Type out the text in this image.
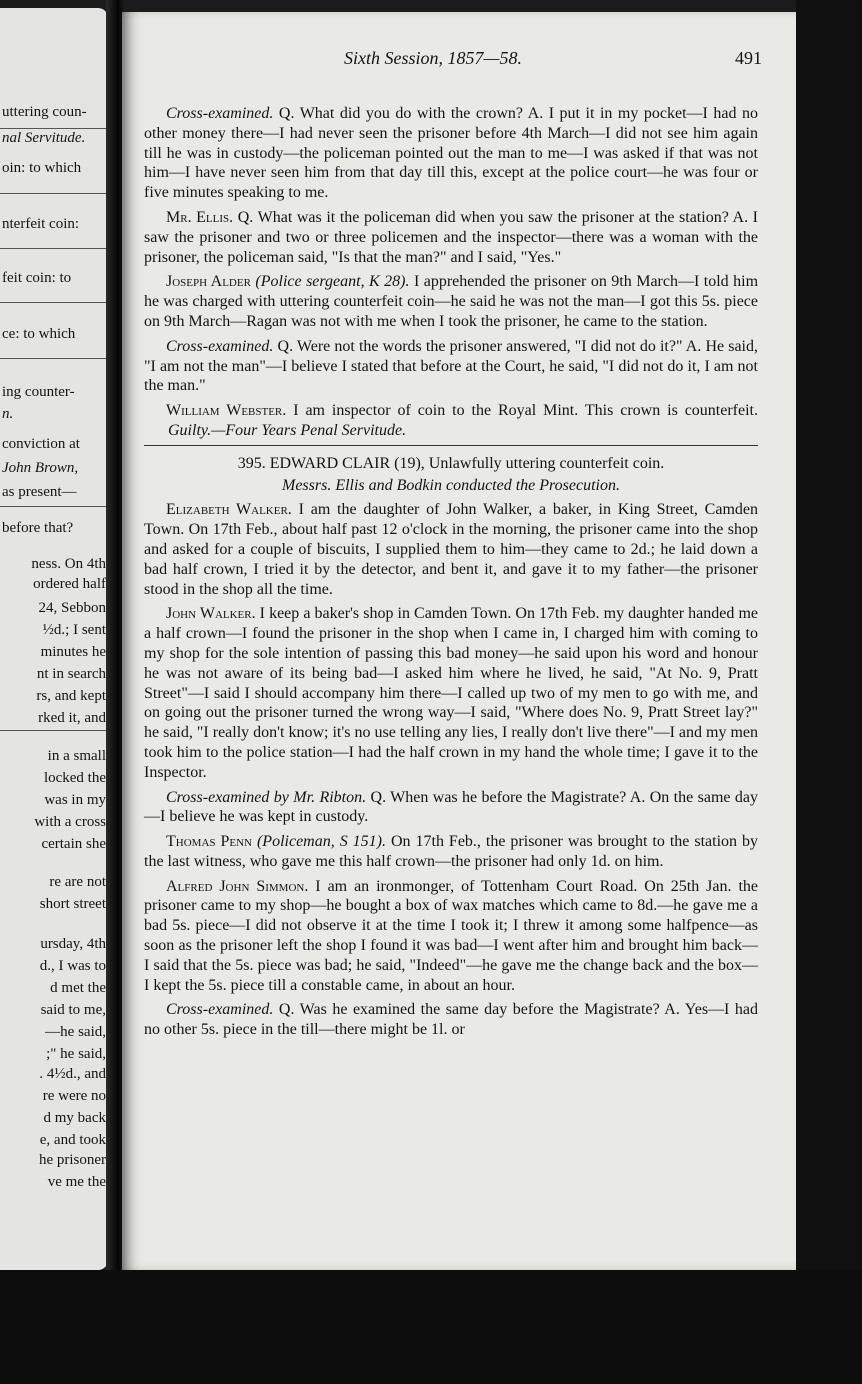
uttering coun-
nal Servitude.
oin: to which
nterfeit coin:
feit coin: to
ce: to which
ing counter-
n.
conviction at
John Brown,
as present—
before that?
ness. On 4th
ordered half
24, Sebbon
½d.; I sent
minutes he
nt in search
rs, and kept
rked it, and
in a small
locked the
was in my
with a cross
certain she
re are not
short street
ursday, 4th
d., I was to
d met the
said to me,
—he said,
;" he said,
. 4½d., and
re were no
d my back
e, and took
he prisoner
ve me the
Sixth Session, 1857—58.	491

Cross-examined. Q. What did you do with the crown? A. I put it in my pocket—I had no other money there—I had never seen the prisoner before 4th March—I did not see him again till he was in custody—the policeman pointed out the man to me—I was asked if that was not him—I have never seen him from that day till this, except at the police court—he was four or five minutes speaking to me.

Mr. Ellis. Q. What was it the policeman did when you saw the prisoner at the station? A. I saw the prisoner and two or three policemen and the inspector—there was a woman with the prisoner, the policeman said, "Is that the man?" and I said, "Yes."

Joseph Alder (Police sergeant, K 28). I apprehended the prisoner on 9th March—I told him he was charged with uttering counterfeit coin—he said he was not the man—I got this 5s. piece on 9th March—Ragan was not with me when I took the prisoner, he came to the station.

Cross-examined. Q. Were not the words the prisoner answered, "I did not do it?" A. He said, "I am not the man"—I believe I stated that before at the Court, he said, "I did not do it, I am not the man."

William Webster. I am inspector of coin to the Royal Mint. This crown is counterfeit. Guilty.—Four Years Penal Servitude.

395. EDWARD CLAIR (19), Unlawfully uttering counterfeit coin.

Messrs. Ellis and Bodkin conducted the Prosecution.

Elizabeth Walker. I am the daughter of John Walker, a baker, in King Street, Camden Town. On 17th Feb., about half past 12 o'clock in the morning, the prisoner came into the shop and asked for a couple of biscuits, I supplied them to him—they came to 2d.; he laid down a bad half crown, I tried it by the detector, and bent it, and gave it to my father—the prisoner stood in the shop all the time.

John Walker. I keep a baker's shop in Camden Town. On 17th Feb. my daughter handed me a half crown—I found the prisoner in the shop when I came in, I charged him with coming to my shop for the sole intention of passing this bad money—he said upon his word and honour he was not aware of its being bad—I asked him where he lived, he said, "At No. 9, Pratt Street"—I said I should accompany him there—I called up two of my men to go with me, and on going out the prisoner turned the wrong way—I said, "Where does No. 9, Pratt Street lay?" he said, "I really don't know; it's no use telling any lies, I really don't live there"—I and my men took him to the police station—I had the half crown in my hand the whole time; I gave it to the Inspector.

Cross-examined by Mr. Ribton. Q. When was he before the Magistrate? A. On the same day—I believe he was kept in custody.

Thomas Penn (Policeman, S 151). On 17th Feb., the prisoner was brought to the station by the last witness, who gave me this half crown—the prisoner had only 1d. on him.

Alfred John Simmon. I am an ironmonger, of Tottenham Court Road. On 25th Jan. the prisoner came to my shop—he bought a box of wax matches which came to 8d.—he gave me a bad 5s. piece—I did not observe it at the time I took it; I threw it among some halfpence—as soon as the prisoner left the shop I found it was bad—I went after him and brought him back—I said that the 5s. piece was bad; he said, "Indeed"—he gave me the change back and the box—I kept the 5s. piece till a constable came, in about an hour.

Cross-examined. Q. Was he examined the same day before the Magistrate? A. Yes—I had no other 5s. piece in the till—there might be 1l. or
